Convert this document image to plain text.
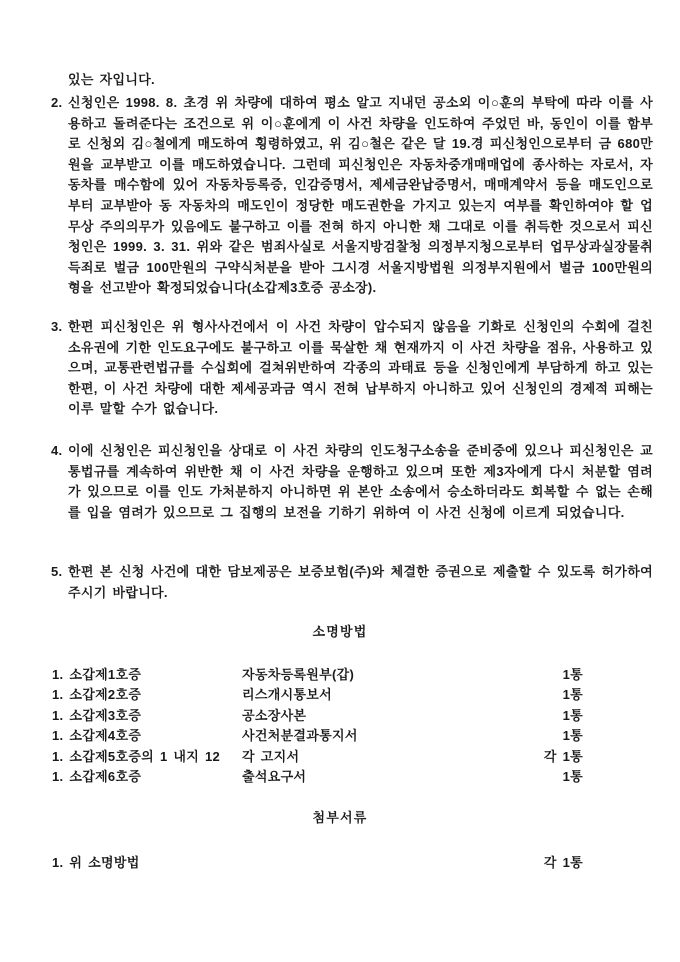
있는 자입니다.
2. 신청인은 1998. 8. 초경 위 차량에 대하여 평소 알고 지내던 공소외 이○훈의 부탁에 따라 이를 사용하고 돌려준다는 조건으로 위 이○훈에게 이 사건 차량을 인도하여 주었던 바, 동인이 이를 함부로 신청외 김○철에게 매도하여 횡령하였고, 위 김○철은 같은 달 19.경 피신청인으로부터 금 680만원을 교부받고 이를 매도하였습니다. 그런데 피신청인은 자동차중개매매업에 종사하는 자로서, 자동차를 매수함에 있어 자동차등록증, 인감증명서, 제세금완납증명서, 매매계약서 등을 매도인으로부터 교부받아 동 자동차의 매도인이 정당한 매도권한을 가지고 있는지 여부를 확인하여야 할 업무상 주의의무가 있음에도 불구하고 이를 전혀 하지 아니한 채 그대로 이를 취득한 것으로서 피신청인은 1999. 3. 31. 위와 같은 범죄사실로 서울지방검찰청 의정부지청으로부터 업무상과실장물취득죄로 벌금 100만원의 구약식처분을 받아 그시경 서울지방법원 의정부지원에서 벌금 100만원의 형을 선고받아 확정되었습니다(소갑제3호증 공소장).
3. 한편 피신청인은 위 형사사건에서 이 사건 차량이 압수되지 않음을 기화로 신청인의 수회에 걸친 소유권에 기한 인도요구에도 불구하고 이를 묵살한 채 현재까지 이 사건 차량을 점유, 사용하고 있으며, 교통관련법규를 수십회에 걸쳐위반하여 각종의 과태료 등을 신청인에게 부담하게 하고 있는 한편, 이 사건 차량에 대한 제세공과금 역시 전혀 납부하지 아니하고 있어 신청인의 경제적 피해는 이루 말할 수가 없습니다.
4. 이에 신청인은 피신청인을 상대로 이 사건 차량의 인도청구소송을 준비중에 있으나 피신청인은 교통법규를 계속하여 위반한 채 이 사건 차량을 운행하고 있으며 또한 제3자에게 다시 처분할 염려가 있으므로 이를 인도 가처분하지 아니하면 위 본안 소송에서 승소하더라도 회복할 수 없는 손해를 입을 염려가 있으므로 그 집행의 보전을 기하기 위하여 이 사건 신청에 이르게 되었습니다.
5. 한편 본 신청 사건에 대한 담보제공은 보증보험(주)와 체결한 증권으로 제출할 수 있도록 허가하여 주시기 바랍니다.
소명방법
1. 소갑제1호증	자동차등록원부(갑)	1통
1. 소갑제2호증	리스개시통보서	1통
1. 소갑제3호증	공소장사본	1통
1. 소갑제4호증	사건처분결과통지서	1통
1. 소갑제5호증의 1 내지 12 각 고지서	각 1통
1. 소갑제6호증	출석요구서	1통
첨부서류
1. 위 소명방법	각 1통
